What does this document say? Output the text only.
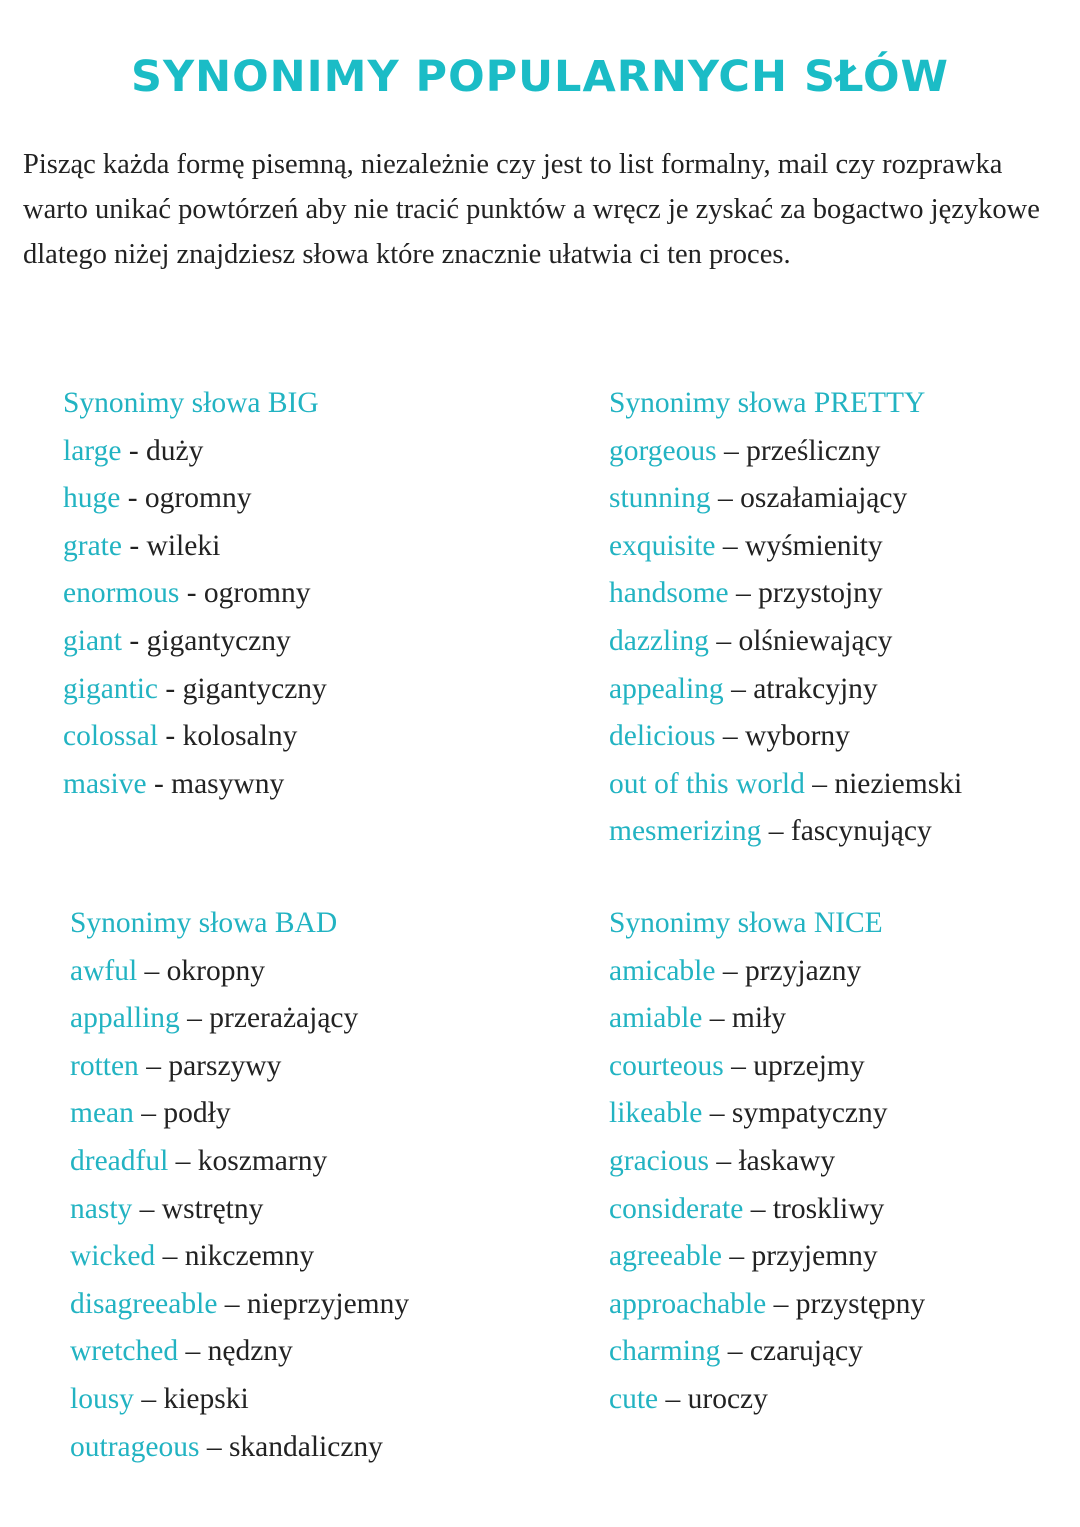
SYNONIMY POPULARNYCH SŁÓW

Pisząc każda formę pisemną, niezależnie czy jest to list formalny, mail czy rozprawka warto unikać powtórzeń aby nie tracić punktów a wręcz je zyskać za bogactwo językowe dlatego niżej znajdziesz słowa które znacznie ułatwia ci ten proces.

Synonimy słowa BIG
large - duży
huge - ogromny
grate - wileki
enormous - ogromny
giant - gigantyczny
gigantic - gigantyczny
colossal - kolosalny
masive - masywny
Synonimy słowa PRETTY
gorgeous – prześliczny
stunning – oszałamiający
exquisite – wyśmienity
handsome – przystojny
dazzling – olśniewający
appealing – atrakcyjny
delicious – wyborny
out of this world – nieziemski
mesmerizing – fascynujący
Synonimy słowa BAD
awful – okropny
appalling – przerażający
rotten – parszywy
mean – podły
dreadful – koszmarny
nasty – wstrętny
wicked – nikczemny
disagreeable – nieprzyjemny
wretched – nędzny
lousy – kiepski
outrageous – skandaliczny
Synonimy słowa NICE
amicable – przyjazny
amiable – miły
courteous – uprzejmy
likeable – sympatyczny
gracious – łaskawy
considerate – troskliwy
agreeable – przyjemny
approachable – przystępny
charming – czarujący
cute – uroczy
